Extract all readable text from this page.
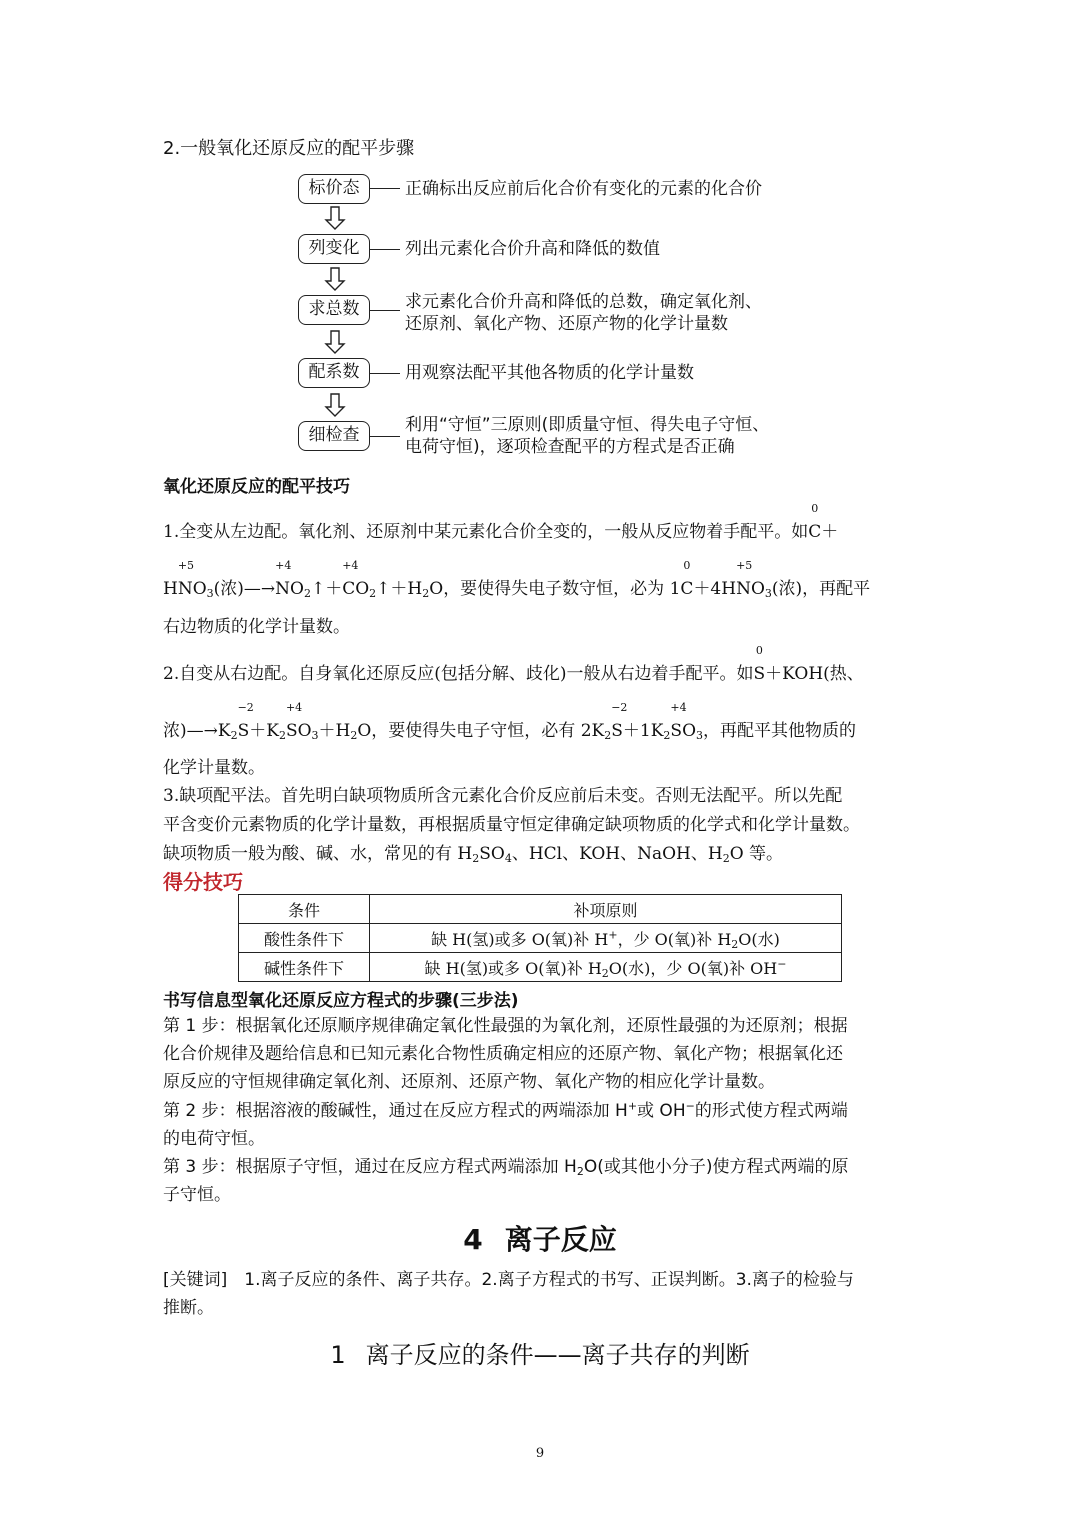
2.一般氧化还原反应的配平步骤
标价态	正确标出反应前后化合价有变化的元素的化合价
列变化	列出元素化合价升高和降低的数值
求总数	求元素化合价升高和降低的总数，确定氧化剂、
还原剂、氧化产物、还原产物的化学计量数
配系数	用观察法配平其他各物质的化学计量数
细检查	利用“守恒”三原则(即质量守恒、得失电子守恒、
电荷守恒)，逐项检查配平的方程式是否正确
氧化还原反应的配平技巧
1.全变从左边配。氧化剂、还原剂中某元素化合价全变的，一般从反应物着手配平。如
0
C＋
H
+5
$NO_3$(浓)—→
+4
$NO_2↑+$
+4
$CO_2↑+H_2O$，要使得失电子数守恒，必为 1
0
C＋4H
+5
$NO_3$(浓)，再配平
右边物质的化学计量数。
2.自变从右边配。自身氧化还原反应(包括分解、歧化)一般从右边着手配平。如
0
S＋KOH(热、
浓)$—\to K_2$
−2
$S+K_2$
+4
$SO_3+H_2O$，要使得失电子守恒，必有 $2K_2$
−2
$S+1K_2$
+4
$SO_3$，再配平其他物质的
化学计量数。
3.缺项配平法。首先明白缺项物质所含元素化合价反应前后未变。否则无法配平。所以先配
平含变价元素物质的化学计量数，再根据质量守恒定律确定缺项物质的化学式和化学计量数。
缺项物质一般为酸、碱、水，常见的有 $H_2SO_4$、HCl、KOH、NaOH、$H_2O$ 等。
得分技巧
条件	补项原则
酸性条件下	缺 H(氢)或多 O(氧)补 H+，少 O(氧)补 $H_2O$(水)
碱性条件下	缺 H(氢)或多 O(氧)补 $H_2O$(水)，少 O(氧)补 OH−
书写信息型氧化还原反应方程式的步骤(三步法)
第 1 步：根据氧化还原顺序规律确定氧化性最强的为氧化剂，还原性最强的为还原剂；根据
化合价规律及题给信息和已知元素化合物性质确定相应的还原产物、氧化产物；根据氧化还
原反应的守恒规律确定氧化剂、还原剂、还原产物、氧化产物的相应化学计量数。
第 2 步：根据溶液的酸碱性，通过在反应方程式的两端添加 H+或 OH−的形式使方程式两端
的电荷守恒。
第 3 步：根据原子守恒，通过在反应方程式两端添加 $H_2O$(或其他小分子)使方程式两端的原
子守恒。
4 离子反应
[关键词]　1.离子反应的条件、离子共存。2.离子方程式的书写、正误判断。3.离子的检验与
推断。
1 离子反应的条件——离子共存的判断
9
